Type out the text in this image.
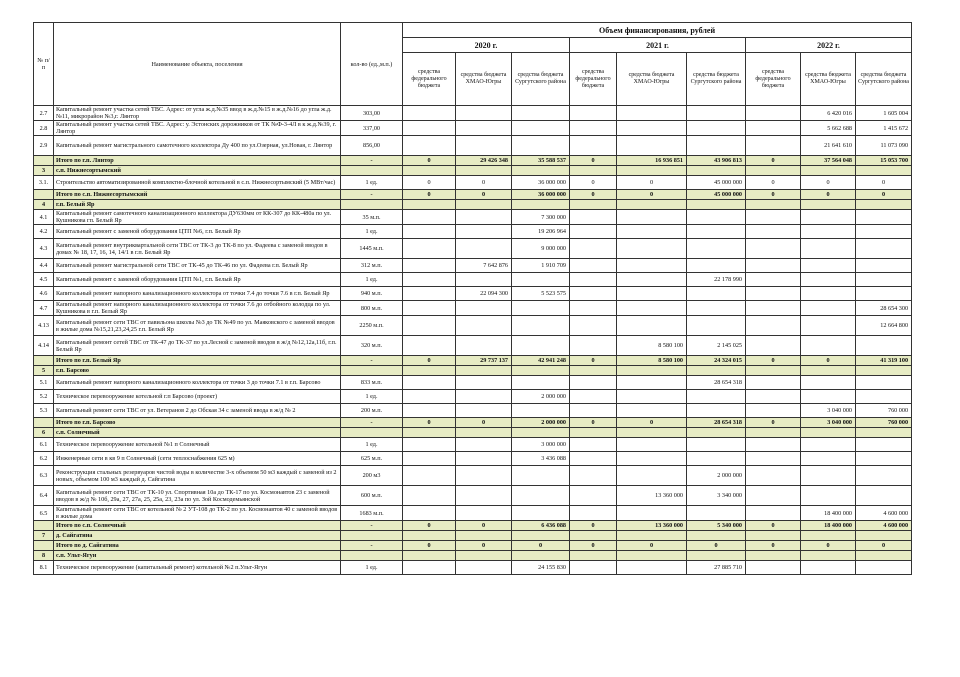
№ п/п	Наименование объекта, поселения	кол-во (ед.,м.п.)	Объем финансирования, рублей								
			2020 г.			2021 г.			2022 г.		
			средства федерального бюджета	средства бюджета ХМАО-Югры	средства бюджета Сургутского района	средства федерального бюджета	средства бюджета ХМАО-Югры	средства бюджета Сургутского района	средства федерального бюджета	средства бюджета ХМАО-Югры	средства бюджета Сургутского района
2.7	Капитальный ремонт участка сетей ТВС. Адрес: от угла ж.д.№35 ввод в ж.д.№15 в ж.д.№16 до угла ж.д. №11, микрорайон №3,г. Лянтор	303,00								6 420 016	1 605 004
2.8	Капитальный ремонт участка сетей ТВС. Адрес: у. Эстонских дорожников от ТК №Ф-3-4Л в к ж.д.№39, г. Лянтор	337,00								5 662 688	1 415 672
2.9	Капитальный ремонт магистрального самотечного коллектора Ду 400 по ул.Озерная, ул.Новая, г. Лянтор	856,00								21 641 610	11 073 090
	Итого по г.п. Лянтор	-	0	29 426 348	35 588 537	0	16 936 851	43 906 813	0	37 564 048	15 053 700
3	с.п. Нижнесортымский										
3.1.	Строительство автоматизированной комплектно-блочной котельной в с.п. Нижнесортымский (5 МВт/час)	1 ед.	0	0	36 000 000	0	0	45 000 000	0	0	0
	Итого по с.п. Нижнесортымский	-	0	0	36 000 000	0	0	45 000 000	0	0	0
4	г.п. Белый Яр										
4.1	Капитальный ремонт самотечного канализационного коллектора ДУ630мм от КК-307 до КК-480а по ул. Кушникова гп. Белый Яр	35 м.п.			7 300 000						
4.2	Капитальный ремонт с заменой оборудования ЦТП №6, г.п. Белый Яр	1 ед.			19 206 964						
4.3	Капитальный ремонт внутриквартальной сети ТВС от ТК-3 до ТК-8 по ул. Фадеева с заменой вводов в домах № 18, 17, 16, 14, 14/1 в г.п. Белый Яр	1445 м.п.			9 000 000						
4.4	Капитальный ремонт магистральной сети ТВС от ТК-45 до ТК-46 по ул. Фадеева г.п. Белый Яр	312 м.п.		7 642 876	1 910 709						
4.5	Капитальный ремонт с заменой оборудования ЦТП №1, г.п. Белый Яр	1 ед.						22 178 990			
4.6	Капитальный ремонт напорного канализационного коллектора от точки 7.4 до точки 7.6 в г.п. Белый Яр	940 м.п.		22 094 300	5 523 575						
4.7	Капитальный ремонт напорного канализационного коллектора от точки 7.6 до отбойного колодца по ул. Кушникова в г.п. Белый Яр	800 м.п.									28 654 300
4.13	Капитальный ремонт сети ТВС от павильона школы №3 до ТК №49 по ул. Маяковского с заменой вводов в жилые дома №15,21,23,24,25 г.п. Белый Яр	2250 м.п.									12 664 800
4.14	Капитальный ремонт сетей ТВС от ТК-47 до ТК-37 по ул.Лесной с заменой вводов в ж/д №12,12а,11б, г.п. Белый Яр	320 м.п.					8 580 100	2 145 025			
	Итого по г.п. Белый Яр	-	0	29 737 137	42 941 248	0	8 580 100	24 324 015	0	0	41 319 100
5	г.п. Барсово										
5.1	Капитальный ремонт напорного канализационного коллектора от точки 3 до точки 7.1 в г.п. Барсово	833 м.п.						28 654 318			
5.2	Техническое перевооружение котельной г.п Барсово (проект)	1 ед.			2 000 000						
5.3	Капитальный ремонт сети ТВС от ул. Ветеранов 2 до Обская 34 с заменой ввода в ж/д № 2	200 м.п.								3 040 000	760 000
	Итого по г.п. Барсово	-	0	0	2 000 000	0	0	28 654 318	0	3 040 000	760 000
6	с.п. Солнечный										
6.1	Техническое перевооружение котельной №1 п Солнечный	1 ед.			3 000 000						
6.2	Инженерные сети в кв 9 п Солнечный (сети теплоснабжения 625 м)	625 м.п.			3 436 088						
6.3	Реконструкция стальных резервуаров чистой воды в количестве 3-х объемом 50 м3 каждый с заменой из 2 новых, объемом 100 м3 каждый д. Сайгатина	200 м3						2 000 000			
6.4	Капитальный ремонт сети ТВС от ТК-10 ул. Спортивная 10а до ТК-17 по ул. Космонавтов 23 с заменой вводов в ж/д № 10б, 29а, 27, 27а, 25, 25а, 23, 23а по ул. Зой Космодемьянской	600 м.п.					13 360 000	3 340 000			
6.5	Капитальный ремонт сети ТВС от котельной № 2 УТ-108 до ТК-2 по ул. Космонавтов 40 с заменой вводов в жилые дома	1683 м.п.								18 400 000	4 600 000
	Итого по с.п. Солнечный	-	0	0	6 436 088	0	13 360 000	5 340 000	0	18 400 000	4 600 000
7	д. Сайгатина										
	Итого по д. Сайгатина	-	0	0	0	0	0	0	0	0	0
8	с.п. Ульт-Ягун										
8.1	Техническое перевооружение (капитальный ремонт) котельной №2 п.Ульт-Ягун	1 ед.			24 155 830			27 885 710			
